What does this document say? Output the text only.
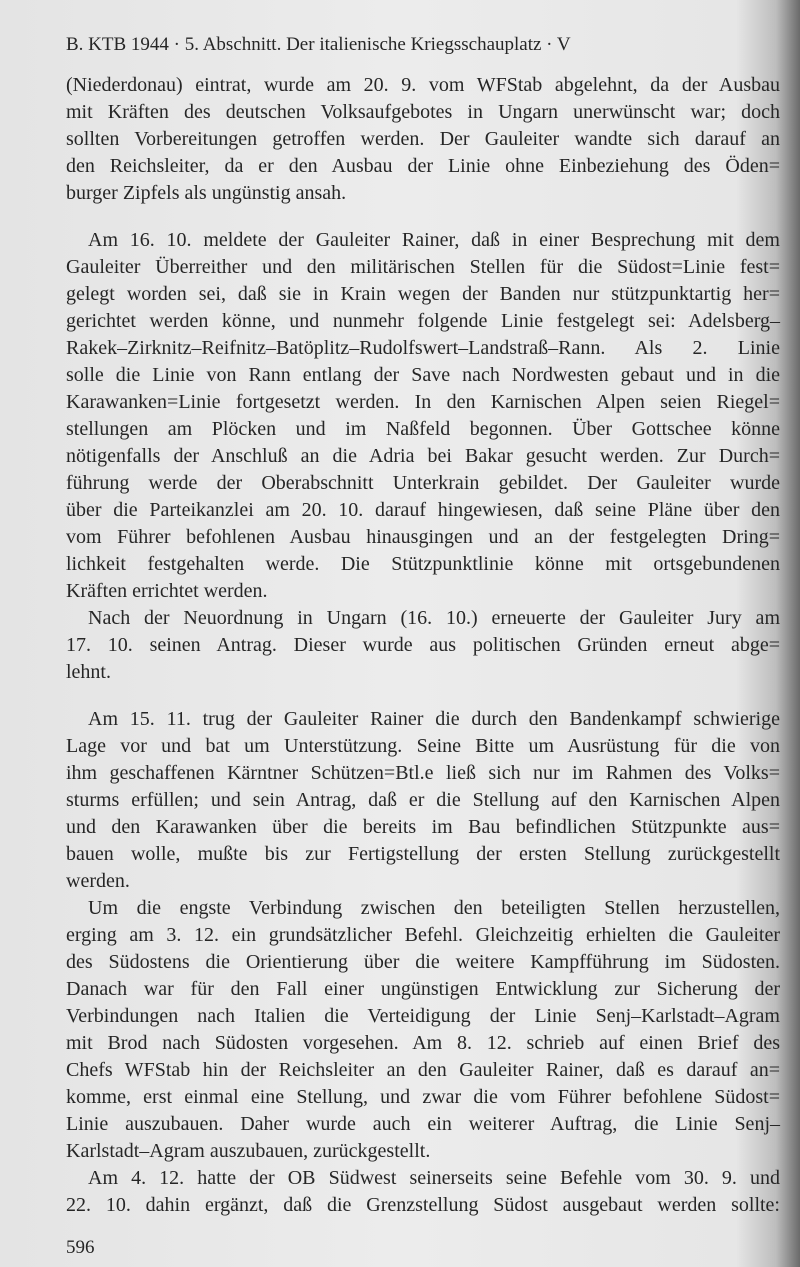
B. KTB 1944 · 5. Abschnitt. Der italienische Kriegsschauplatz · V
(Niederdonau) eintrat, wurde am 20. 9. vom WFStab abgelehnt, da der Ausbau
mit Kräften des deutschen Volksaufgebotes in Ungarn unerwünscht war; doch
sollten Vorbereitungen getroffen werden. Der Gauleiter wandte sich darauf an
den Reichsleiter, da er den Ausbau der Linie ohne Einbeziehung des Öden=
burger Zipfels als ungünstig ansah.
Am 16. 10. meldete der Gauleiter Rainer, daß in einer Besprechung mit dem
Gauleiter Überreither und den militärischen Stellen für die Südost=Linie fest=
gelegt worden sei, daß sie in Krain wegen der Banden nur stützpunktartig her=
gerichtet werden könne, und nunmehr folgende Linie festgelegt sei: Adelsberg–
Rakek–Zirknitz–Reifnitz–Batöplitz–Rudolfswert–Landstraß–Rann. Als 2. Linie
solle die Linie von Rann entlang der Save nach Nordwesten gebaut und in die
Karawanken=Linie fortgesetzt werden. In den Karnischen Alpen seien Riegel=
stellungen am Plöcken und im Naßfeld begonnen. Über Gottschee könne
nötigenfalls der Anschluß an die Adria bei Bakar gesucht werden. Zur Durch=
führung werde der Oberabschnitt Unterkrain gebildet. Der Gauleiter wurde
über die Parteikanzlei am 20. 10. darauf hingewiesen, daß seine Pläne über den
vom Führer befohlenen Ausbau hinausgingen und an der festgelegten Dring=
lichkeit festgehalten werde. Die Stützpunktlinie könne mit ortsgebundenen
Kräften errichtet werden.
Nach der Neuordnung in Ungarn (16. 10.) erneuerte der Gauleiter Jury am
17. 10. seinen Antrag. Dieser wurde aus politischen Gründen erneut abge=
lehnt.
Am 15. 11. trug der Gauleiter Rainer die durch den Bandenkampf schwierige
Lage vor und bat um Unterstützung. Seine Bitte um Ausrüstung für die von
ihm geschaffenen Kärntner Schützen=Btl.e ließ sich nur im Rahmen des Volks=
sturms erfüllen; und sein Antrag, daß er die Stellung auf den Karnischen Alpen
und den Karawanken über die bereits im Bau befindlichen Stützpunkte aus=
bauen wolle, mußte bis zur Fertigstellung der ersten Stellung zurückgestellt
werden.
Um die engste Verbindung zwischen den beteiligten Stellen herzustellen,
erging am 3. 12. ein grundsätzlicher Befehl. Gleichzeitig erhielten die Gauleiter
des Südostens die Orientierung über die weitere Kampfführung im Südosten.
Danach war für den Fall einer ungünstigen Entwicklung zur Sicherung der
Verbindungen nach Italien die Verteidigung der Linie Senj–Karlstadt–Agram
mit Brod nach Südosten vorgesehen. Am 8. 12. schrieb auf einen Brief des
Chefs WFStab hin der Reichsleiter an den Gauleiter Rainer, daß es darauf an=
komme, erst einmal eine Stellung, und zwar die vom Führer befohlene Südost=
Linie auszubauen. Daher wurde auch ein weiterer Auftrag, die Linie Senj–
Karlstadt–Agram auszubauen, zurückgestellt.
Am 4. 12. hatte der OB Südwest seinerseits seine Befehle vom 30. 9. und
22. 10. dahin ergänzt, daß die Grenzstellung Südost ausgebaut werden sollte:
596
